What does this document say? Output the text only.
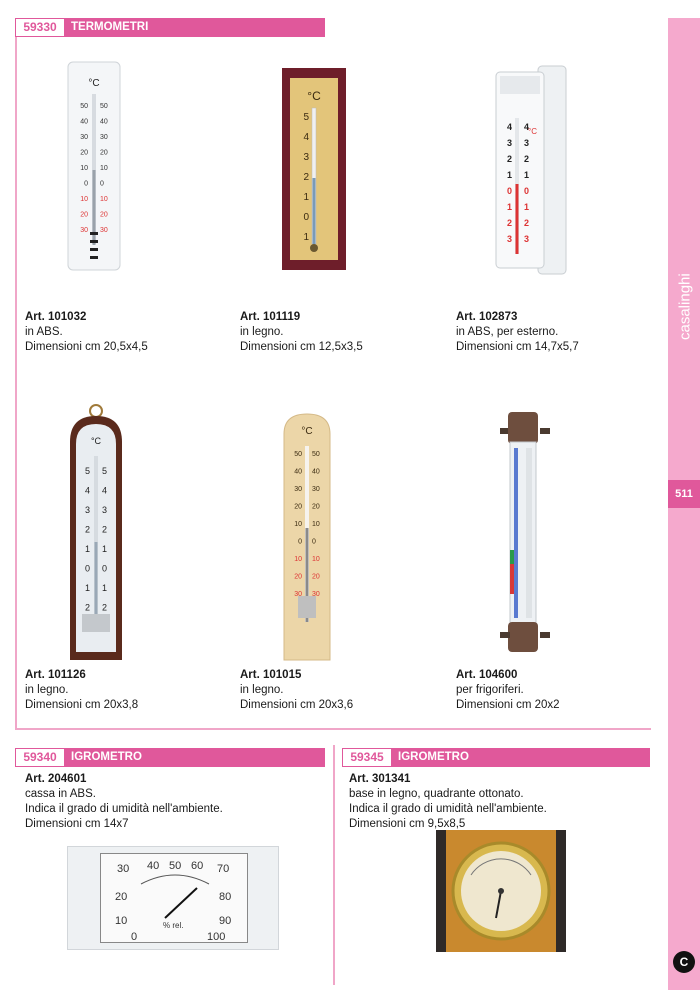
casalinghi
511
C
59330	TERMOMETRI
°C
50 50
40 40
30 30
20 20
10 10
0 0
10 10
20 20
30 30
Art. 101032
in ABS.
Dimensioni cm 20,5x4,5
°C
5
4
3
2
1
0
1
Art. 101119
in legno.
Dimensioni cm 12,5x3,5
°C
4 4
3 3
2 2
1 1
0 0
1 1
2 2
3 3
Art. 102873
in ABS, per esterno.
Dimensioni cm 14,7x5,7
°C
5 5
4 4
3 3
2 2
1 1
0 0
1 1
2 2
Art. 101126
in legno.
Dimensioni cm 20x3,8
°C
50 50
40 40
30 30
20 20
10 10
0 0
10 10
20 20
30 30
Art. 101015
in legno.
Dimensioni cm 20x3,6
Art. 104600
per frigoriferi.
Dimensioni cm 20x2
59340	IGROMETRO
Art. 204601
cassa in ABS.
Indica il grado di umidità nell'ambiente.
Dimensioni cm 14x7
30 40 50 60 70
20	80
10	90
0	100
% rel.
59345	IGROMETRO
Art. 301341
base in legno, quadrante ottonato.
Indica il grado di umidità nell'ambiente.
Dimensioni cm 9,5x8,5
